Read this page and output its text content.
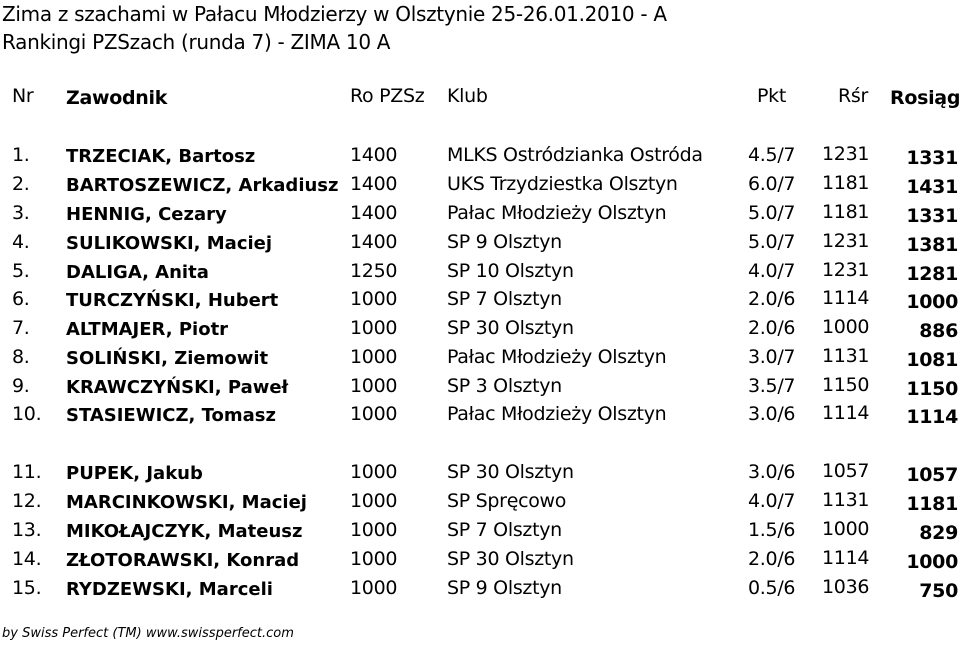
Zima z szachami w Pałacu Młodzierzy w Olsztynie 25-26.01.2010 - A
Rankingi PZSzach (runda 7) - ZIMA 10 A
Nr Zawodnik	Ro PZSz Klub	Pkt	Rśr Rosiąg
1. TRZECIAK, Bartosz	1400	MLKS Ostródzianka Ostróda 4.5/7 1231	1331
2. BARTOSZEWICZ, Arkadiusz 1400	UKS Trzydziestka Olsztyn	6.0/7 1181	1431
3. HENNIG, Cezary	1400	Pałac Młodzieży Olsztyn	5.0/7 1181	1331
4. SULIKOWSKI, Maciej	1400	SP 9 Olsztyn	5.0/7 1231	1381
5. DALIGA, Anita	1250	SP 10 Olsztyn	4.0/7 1231	1281
6. TURCZYŃSKI, Hubert	1000	SP 7 Olsztyn	2.0/6 1114	1000
7. ALTMAJER, Piotr	1000	SP 30 Olsztyn	2.0/6 1000	886
8. SOLIŃSKI, Ziemowit	1000	Pałac Młodzieży Olsztyn	3.0/7 1131	1081
9. KRAWCZYŃSKI, Paweł	1000	SP 3 Olsztyn	3.5/7 1150	1150
10. STASIEWICZ, Tomasz	1000	Pałac Młodzieży Olsztyn	3.0/6 1114	1114
11. PUPEK, Jakub	1000	SP 30 Olsztyn	3.0/6 1057	1057
12. MARCINKOWSKI, Maciej 1000	SP Spręcowo	4.0/7 1131	1181
13. MIKOŁAJCZYK, Mateusz	1000	SP 7 Olsztyn	1.5/6 1000	829
14. ZŁOTORAWSKI, Konrad	1000	SP 30 Olsztyn	2.0/6 1114	1000
15. RYDZEWSKI, Marceli	1000	SP 9 Olsztyn	0.5/6 1036	750
by Swiss Perfect (TM) www.swissperfect.com
